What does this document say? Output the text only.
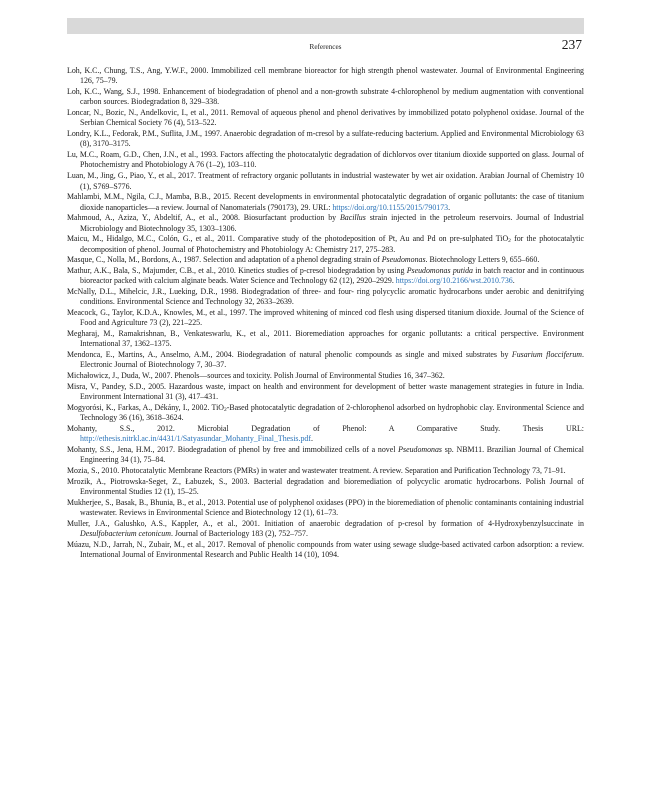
References	237
Loh, K.C., Chung, T.S., Ang, Y.W.F., 2000. Immobilized cell membrane bioreactor for high strength phenol wastewater. Journal of Environmental Engineering 126, 75–79.
Loh, K.C., Wang, S.J., 1998. Enhancement of biodegradation of phenol and a non-growth substrate 4-chlorophenol by medium augmentation with conventional carbon sources. Biodegradation 8, 329–338.
Loncar, N., Bozic, N., Andelkovic, I., et al., 2011. Removal of aqueous phenol and phenol derivatives by immobilized potato polyphenol oxidase. Journal of the Serbian Chemical Society 76 (4), 513–522.
Londry, K.L., Fedorak, P.M., Suflita, J.M., 1997. Anaerobic degradation of m-cresol by a sulfate-reducing bacterium. Applied and Environmental Microbiology 63 (8), 3170–3175.
Lu, M.C., Roam, G.D., Chen, J.N., et al., 1993. Factors affecting the photocatalytic degradation of dichlorvos over titanium dioxide supported on glass. Journal of Photochemistry and Photobiology A 76 (1–2), 103–110.
Luan, M., Jing, G., Piao, Y., et al., 2017. Treatment of refractory organic pollutants in industrial wastewater by wet air oxidation. Arabian Journal of Chemistry 10 (1), S769–S776.
Mahlambi, M.M., Ngila, C.J., Mamba, B.B., 2015. Recent developments in environmental photocatalytic degradation of organic pollutants: the case of titanium dioxide nanoparticles—a review. Journal of Nanomaterials (790173), 29. URL: https://doi.org/10.1155/2015/790173.
Mahmoud, A., Aziza, Y., Abdeltif, A., et al., 2008. Biosurfactant production by Bacillus strain injected in the petroleum reservoirs. Journal of Industrial Microbiology and Biotechnology 35, 1303–1306.
Maicu, M., Hidalgo, M.C., Colón, G., et al., 2011. Comparative study of the photodeposition of Pt, Au and Pd on pre-sulphated TiO$_2$ for the photocatalytic decomposition of phenol. Journal of Photochemistry and Photobiology A: Chemistry 217, 275–283.
Masque, C., Nolla, M., Bordons, A., 1987. Selection and adaptation of a phenol degrading strain of Pseudomonas. Biotechnology Letters 9, 655–660.
Mathur, A.K., Bala, S., Majumder, C.B., et al., 2010. Kinetics studies of p-cresol biodegradation by using Pseudomonas putida in batch reactor and in continuous bioreactor packed with calcium alginate beads. Water Science and Technology 62 (12), 2920–2929. https://doi.org/10.2166/wst.2010.736.
McNally, D.L., Mihelcic, J.R., Lueking, D.R., 1998. Biodegradation of three- and four- ring polycyclic aromatic hydrocarbons under aerobic and denitrifying conditions. Environmental Science and Technology 32, 2633–2639.
Meacock, G., Taylor, K.D.A., Knowles, M., et al., 1997. The improved whitening of minced cod flesh using dispersed titanium dioxide. Journal of the Science of Food and Agriculture 73 (2), 221–225.
Megharaj, M., Ramakrishnan, B., Venkateswarlu, K., et al., 2011. Bioremediation approaches for organic pollutants: a critical perspective. Environment International 37, 1362–1375.
Mendonca, E., Martins, A., Anselmo, A.M., 2004. Biodegradation of natural phenolic compounds as single and mixed substrates by Fusarium flocciferum. Electronic Journal of Biotechnology 7, 30–37.
Michałowicz, J., Duda, W., 2007. Phenols—sources and toxicity. Polish Journal of Environmental Studies 16, 347–362.
Misra, V., Pandey, S.D., 2005. Hazardous waste, impact on health and environment for development of better waste management strategies in future in India. Environment International 31 (3), 417–431.
Mogyorósi, K., Farkas, A., Dékány, I., 2002. TiO$_2$-Based photocatalytic degradation of 2-chlorophenol adsorbed on hydrophobic clay. Environmental Science and Technology 36 (16), 3618–3624.
Mohanty, S.S., 2012. Microbial Degradation of Phenol: A Comparative Study. Thesis URL: http://ethesis.nitrkl.ac.in/4431/1/Satyasundar_Mohanty_Final_Thesis.pdf.
Mohanty, S.S., Jena, H.M., 2017. Biodegradation of phenol by free and immobilized cells of a novel Pseudomonas sp. NBM11. Brazilian Journal of Chemical Engineering 34 (1), 75–84.
Mozia, S., 2010. Photocatalytic Membrane Reactors (PMRs) in water and wastewater treatment. A review. Separation and Purification Technology 73, 71–91.
Mrozik, A., Piotrowska-Seget, Z., Łabuzek, S., 2003. Bacterial degradation and bioremediation of polycyclic aromatic hydrocarbons. Polish Journal of Environmental Studies 12 (1), 15–25.
Mukherjee, S., Basak, B., Bhunia, B., et al., 2013. Potential use of polyphenol oxidases (PPO) in the bioremediation of phenolic contaminants containing industrial wastewater. Reviews in Environmental Science and Biotechnology 12 (1), 61–73.
Muller, J.A., Galushko, A.S., Kappler, A., et al., 2001. Initiation of anaerobic degradation of p-cresol by formation of 4-Hydroxybenzylsuccinate in Desulfobacterium cetonicum. Journal of Bacteriology 183 (2), 752–757.
Múazu, N.D., Jarrah, N., Zubair, M., et al., 2017. Removal of phenolic compounds from water using sewage sludge-based activated carbon adsorption: a review. International Journal of Environmental Research and Public Health 14 (10), 1094.
